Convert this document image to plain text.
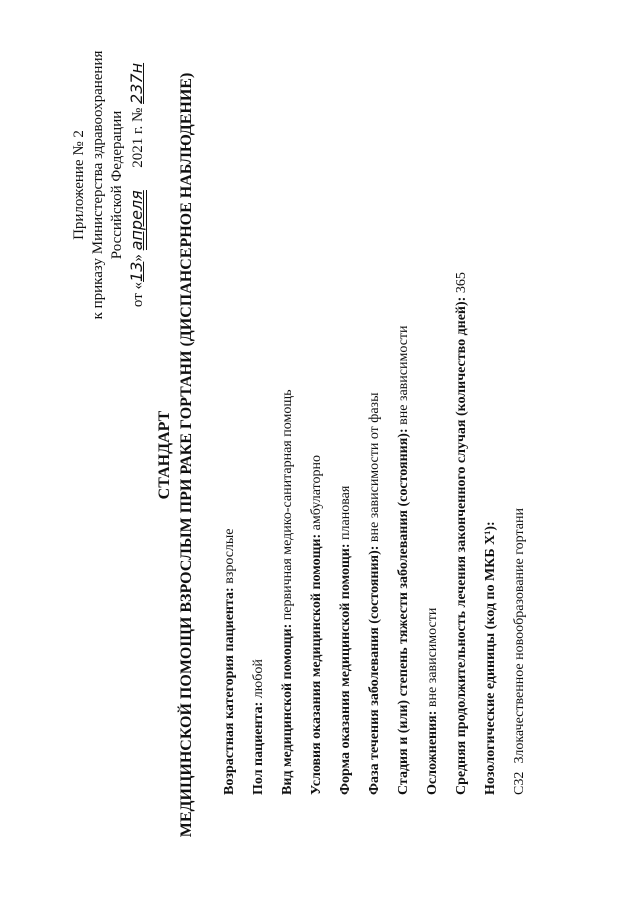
Приложение № 2 к приказу Министерства здравоохранения Российской Федерации
от «13» апреля      2021 г. № 237н
СТАНДАРТ МЕДИЦИНСКОЙ ПОМОЩИ ВЗРОСЛЫМ ПРИ РАКЕ ГОРТАНИ (ДИСПАНСЕРНОЕ НАБЛЮДЕНИЕ) Возрастная категория пациента: взрослые
Пол пациента: любой Вид медицинской помощи: первичная медико-санитарная помощь
Условия оказания медицинской помощи: амбулаторно
Форма оказания медицинской помощи: плановая
Фаза течения заболевания (состояния): вне зависимости от фазы Стадия и (или) степень тяжести заболевания (состояния): вне зависимости
Осложнения: вне зависимости Средняя продолжительность лечения законченного случая (количество дней): 365
Нозологические единицы (код по МКБ Х¹): C32 Злокачественное новообразование гортани
